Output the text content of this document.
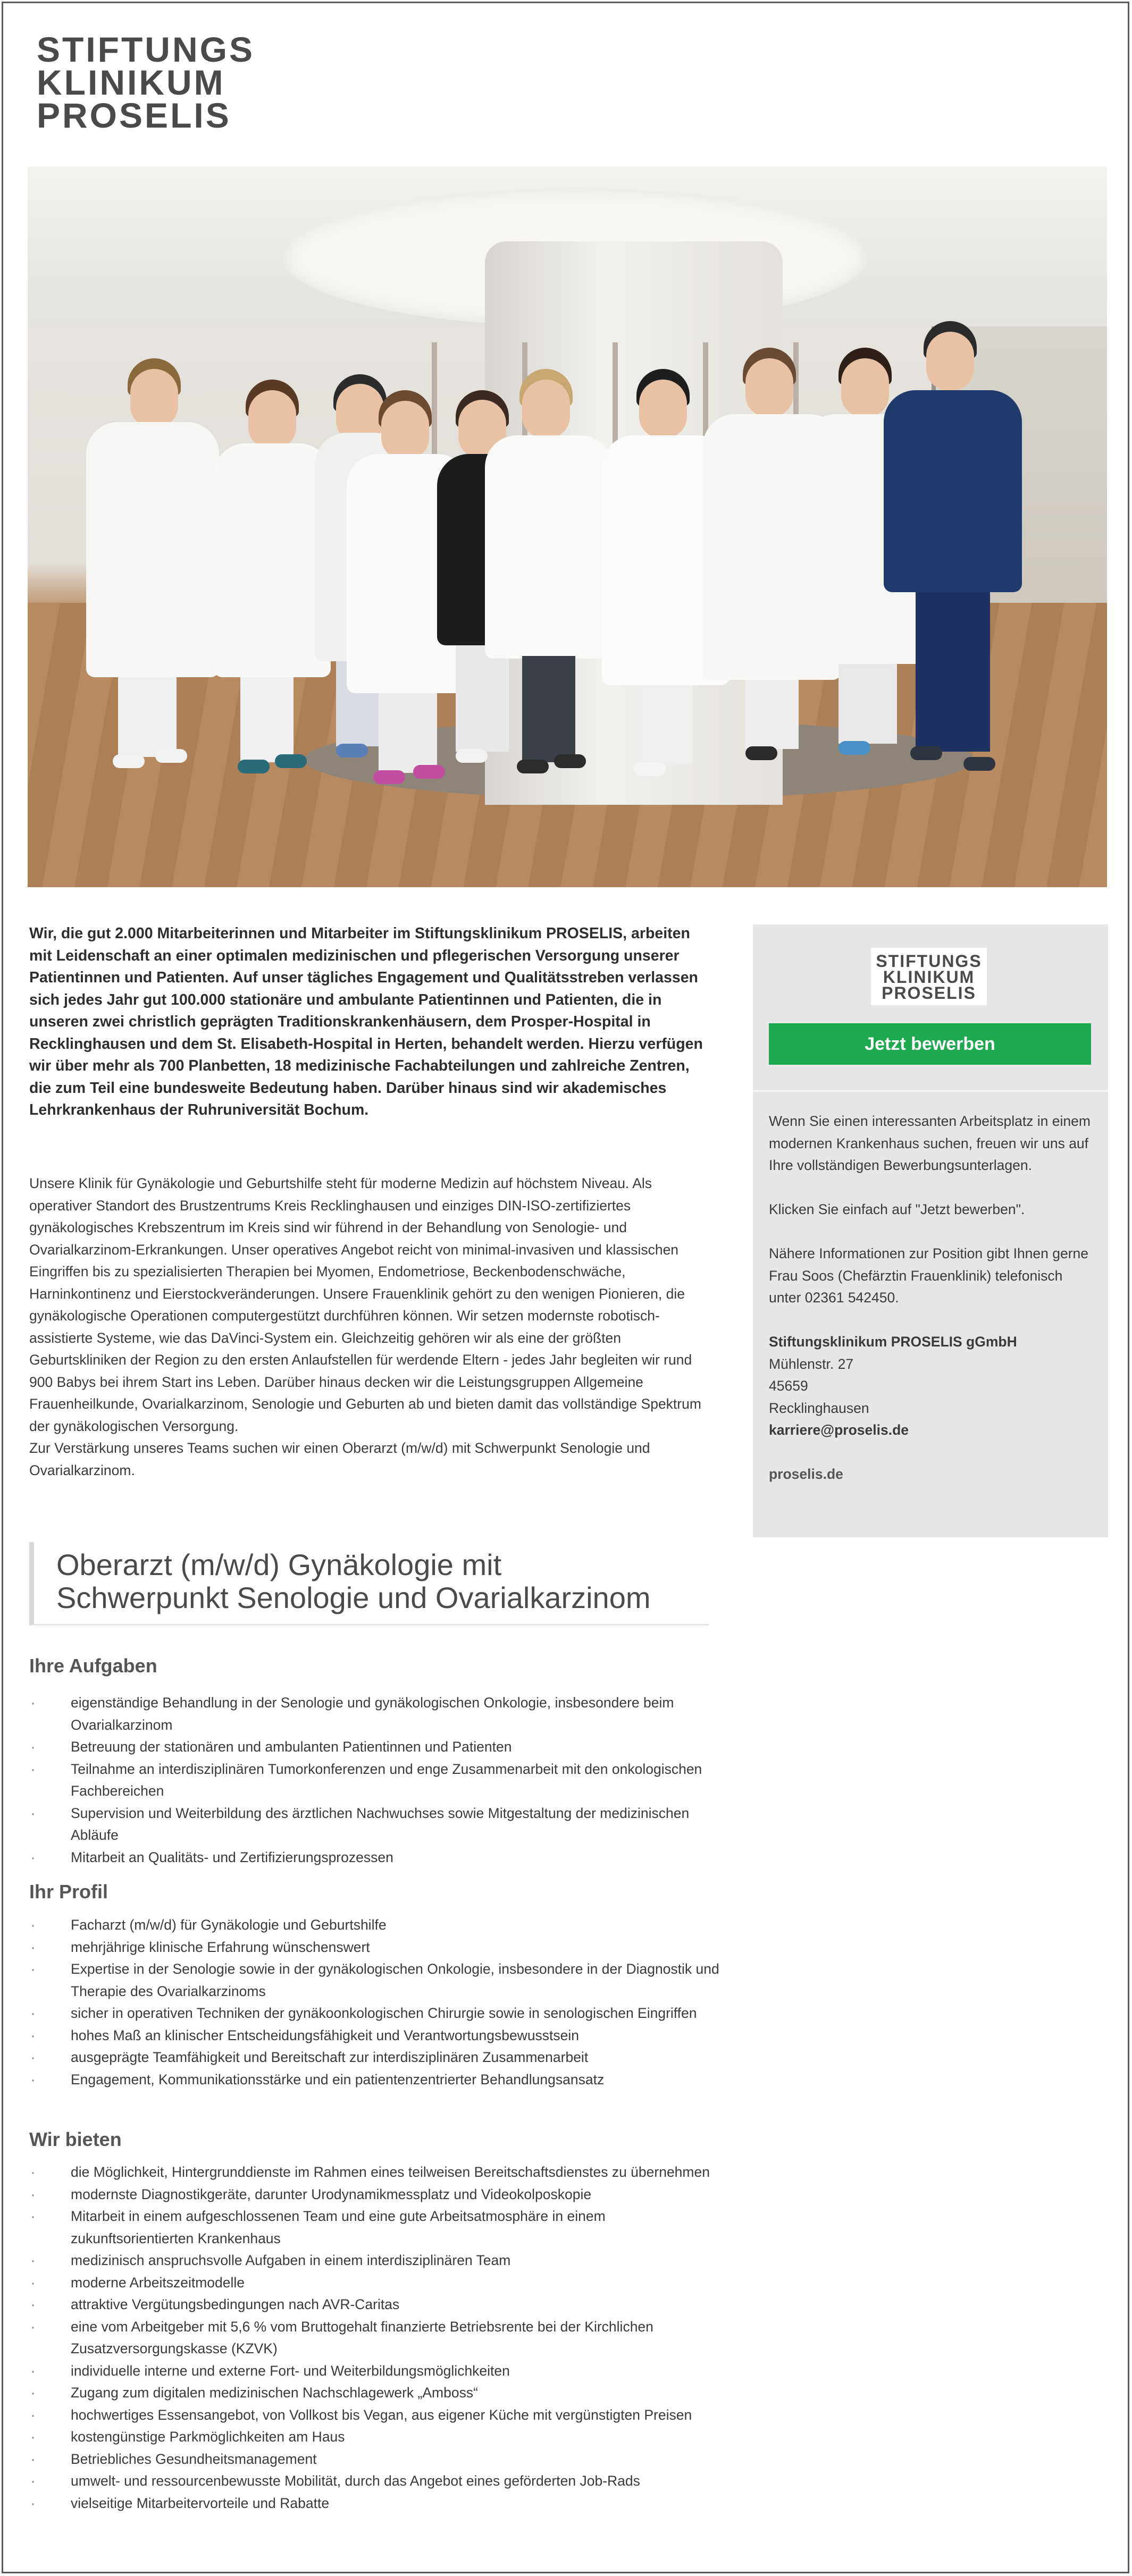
STIFTUNGS
KLINIKUM
PROSELIS
Wir, die gut 2.000 Mitarbeiterinnen und Mitarbeiter im Stiftungsklinikum PROSELIS, arbeiten mit Leidenschaft an einer optimalen medizinischen und pflegerischen Versorgung unserer Patientinnen und Patienten. Auf unser tägliches Engagement und Qualitätsstreben verlassen sich jedes Jahr gut 100.000 stationäre und ambulante Patientinnen und Patienten, die in unseren zwei christlich geprägten Traditionskrankenhäusern, dem Prosper-Hospital in Recklinghausen und dem St. Elisabeth-Hospital in Herten, behandelt werden. Hierzu verfügen wir über mehr als 700 Planbetten, 18 medizinische Fachabteilungen und zahlreiche Zentren, die zum Teil eine bundesweite Bedeutung haben. Darüber hinaus sind wir akademisches Lehrkrankenhaus der Ruhruniversität Bochum.

Unsere Klinik für Gynäkologie und Geburtshilfe steht für moderne Medizin auf höchstem Niveau. Als operativer Standort des Brustzentrums Kreis Recklinghausen und einziges DIN-ISO-zertifiziertes gynäkologisches Krebszentrum im Kreis sind wir führend in der Behandlung von Senologie- und Ovarialkarzinom-Erkrankungen. Unser operatives Angebot reicht von minimal-invasiven und klassischen Eingriffen bis zu spezialisierten Therapien bei Myomen, Endometriose, Beckenbodenschwäche, Harninkontinenz und Eierstockveränderungen. Unsere Frauenklinik gehört zu den wenigen Pionieren, die gynäkologische Operationen computergestützt durchführen können. Wir setzen modernste robotisch-assistierte Systeme, wie das DaVinci-System ein. Gleichzeitig gehören wir als eine der größten Geburtskliniken der Region zu den ersten Anlaufstellen für werdende Eltern - jedes Jahr begleiten wir rund 900 Babys bei ihrem Start ins Leben. Darüber hinaus decken wir die Leistungsgruppen Allgemeine Frauenheilkunde, Ovarialkarzinom, Senologie und Geburten ab und bieten damit das vollständige Spektrum der gynäkologischen Versorgung.

Zur Verstärkung unseres Teams suchen wir einen Oberarzt (m/w/d) mit Schwerpunkt Senologie und Ovarialkarzinom.

Oberarzt (m/w/d) Gynäkologie mit
Schwerpunkt Senologie und Ovarialkarzinom
Ihre Aufgaben
· eigenständige Behandlung in der Senologie und gynäkologischen Onkologie, insbesondere beim Ovarialkarzinom
· Betreuung der stationären und ambulanten Patientinnen und Patienten
· Teilnahme an interdisziplinären Tumorkonferenzen und enge Zusammenarbeit mit den onkologischen Fachbereichen
· Supervision und Weiterbildung des ärztlichen Nachwuchses sowie Mitgestaltung der medizinischen Abläufe
· Mitarbeit an Qualitäts- und Zertifizierungsprozessen
Ihr Profil
· Facharzt (m/w/d) für Gynäkologie und Geburtshilfe
· mehrjährige klinische Erfahrung wünschenswert
· Expertise in der Senologie sowie in der gynäkologischen Onkologie, insbesondere in der Diagnostik und Therapie des Ovarialkarzinoms
· sicher in operativen Techniken der gynäkoonkologischen Chirurgie sowie in senologischen Eingriffen
· hohes Maß an klinischer Entscheidungsfähigkeit und Verantwortungsbewusstsein
· ausgeprägte Teamfähigkeit und Bereitschaft zur interdisziplinären Zusammenarbeit
· Engagement, Kommunikationsstärke und ein patientenzentrierter Behandlungsansatz
Wir bieten
· die Möglichkeit, Hintergrunddienste im Rahmen eines teilweisen Bereitschaftsdienstes zu übernehmen
· modernste Diagnostikgeräte, darunter Urodynamikmessplatz und Videokolposkopie
· Mitarbeit in einem aufgeschlossenen Team und eine gute Arbeitsatmosphäre in einem zukunftsorientierten Krankenhaus
· medizinisch anspruchsvolle Aufgaben in einem interdisziplinären Team
· moderne Arbeitszeitmodelle
· attraktive Vergütungsbedingungen nach AVR-Caritas
· eine vom Arbeitgeber mit 5,6 % vom Bruttogehalt finanzierte Betriebsrente bei der Kirchlichen Zusatzversorgungskasse (KZVK)
· individuelle interne und externe Fort- und Weiterbildungsmöglichkeiten
· Zugang zum digitalen medizinischen Nachschlagewerk „Amboss“
· hochwertiges Essensangebot, von Vollkost bis Vegan, aus eigener Küche mit vergünstigten Preisen
· kostengünstige Parkmöglichkeiten am Haus
· Betriebliches Gesundheitsmanagement
· umwelt- und ressourcenbewusste Mobilität, durch das Angebot eines geförderten Job-Rads
· vielseitige Mitarbeitervorteile und Rabatte
STIFTUNGS
KLINIKUM
PROSELIS
Jetzt bewerben

Wenn Sie einen interessanten Arbeitsplatz in einem modernen Krankenhaus suchen, freuen wir uns auf Ihre vollständigen Bewerbungsunterlagen.

Klicken Sie einfach auf "Jetzt bewerben".

Nähere Informationen zur Position gibt Ihnen gerne Frau Soos (Chefärztin Frauenklinik) telefonisch unter 02361 542450.

Stiftungsklinikum PROSELIS gGmbH
Mühlenstr. 27
45659
Recklinghausen
karriere@proselis.de

proselis.de
